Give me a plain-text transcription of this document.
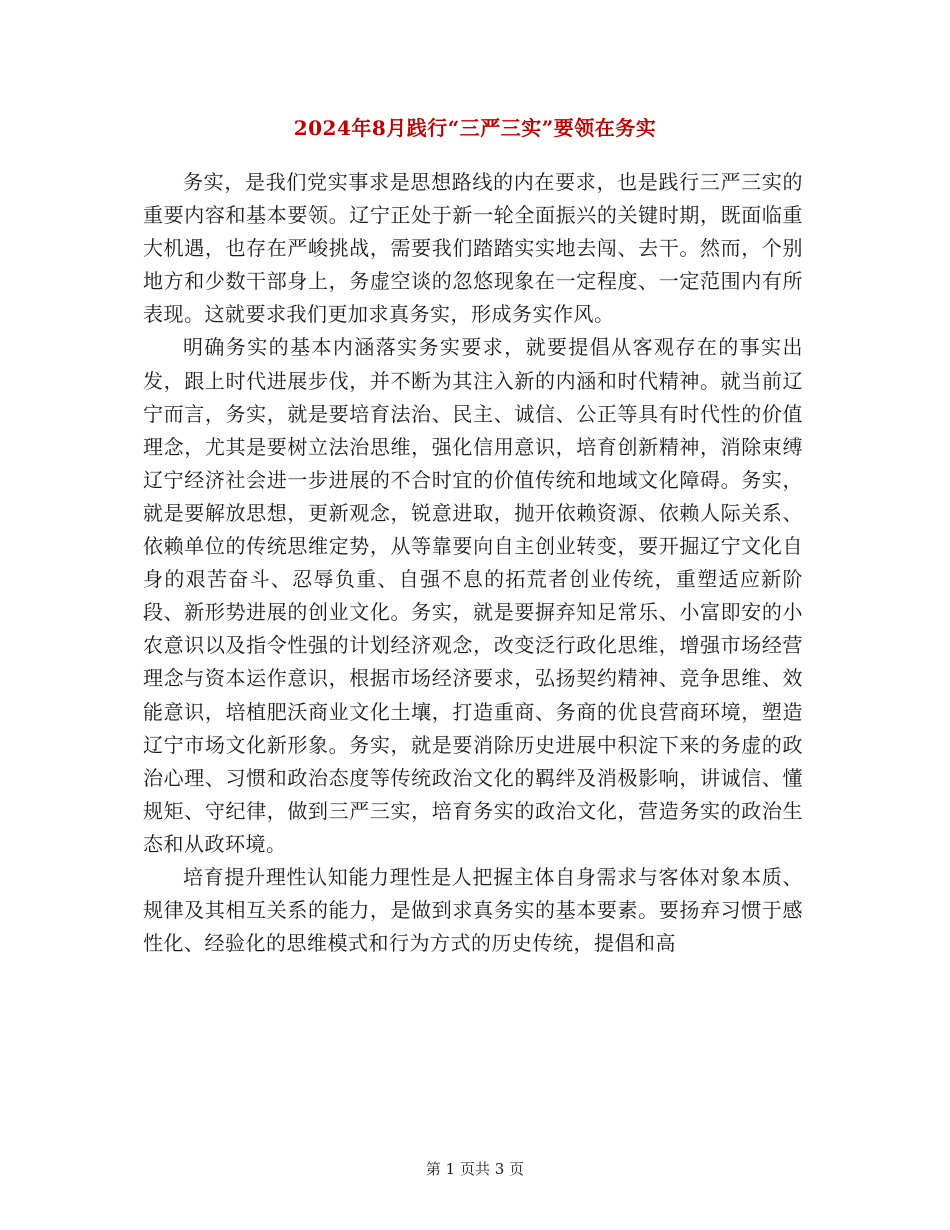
2024年8月践行“三严三实”要领在务实

务实，是我们党实事求是思想路线的内在要求，也是践行三严三实的重要内容和基本要领。辽宁正处于新一轮全面振兴的关键时期，既面临重大机遇，也存在严峻挑战，需要我们踏踏实实地去闯、去干。然而，个别地方和少数干部身上，务虚空谈的忽悠现象在一定程度、一定范围内有所表现。这就要求我们更加求真务实，形成务实作风。

明确务实的基本内涵落实务实要求，就要提倡从客观存在的事实出发，跟上时代进展步伐，并不断为其注入新的内涵和时代精神。就当前辽宁而言，务实，就是要培育法治、民主、诚信、公正等具有时代性的价值理念，尤其是要树立法治思维，强化信用意识，培育创新精神，消除束缚辽宁经济社会进一步进展的不合时宜的价值传统和地域文化障碍。务实，就是要解放思想，更新观念，锐意进取，抛开依赖资源、依赖人际关系、依赖单位的传统思维定势，从等靠要向自主创业转变，要开掘辽宁文化自身的艰苦奋斗、忍辱负重、自强不息的拓荒者创业传统，重塑适应新阶段、新形势进展的创业文化。务实，就是要摒弃知足常乐、小富即安的小农意识以及指令性强的计划经济观念，改变泛行政化思维，增强市场经营理念与资本运作意识，根据市场经济要求，弘扬契约精神、竞争思维、效能意识，培植肥沃商业文化土壤，打造重商、务商的优良营商环境，塑造辽宁市场文化新形象。务实，就是要消除历史进展中积淀下来的务虚的政治心理、习惯和政治态度等传统政治文化的羁绊及消极影响，讲诚信、懂规矩、守纪律，做到三严三实，培育务实的政治文化，营造务实的政治生态和从政环境。

培育提升理性认知能力理性是人把握主体自身需求与客体对象本质、规律及其相互关系的能力，是做到求真务实的基本要素。要扬弃习惯于感性化、经验化的思维模式和行为方式的历史传统，提倡和高

第 1 页共 3 页
